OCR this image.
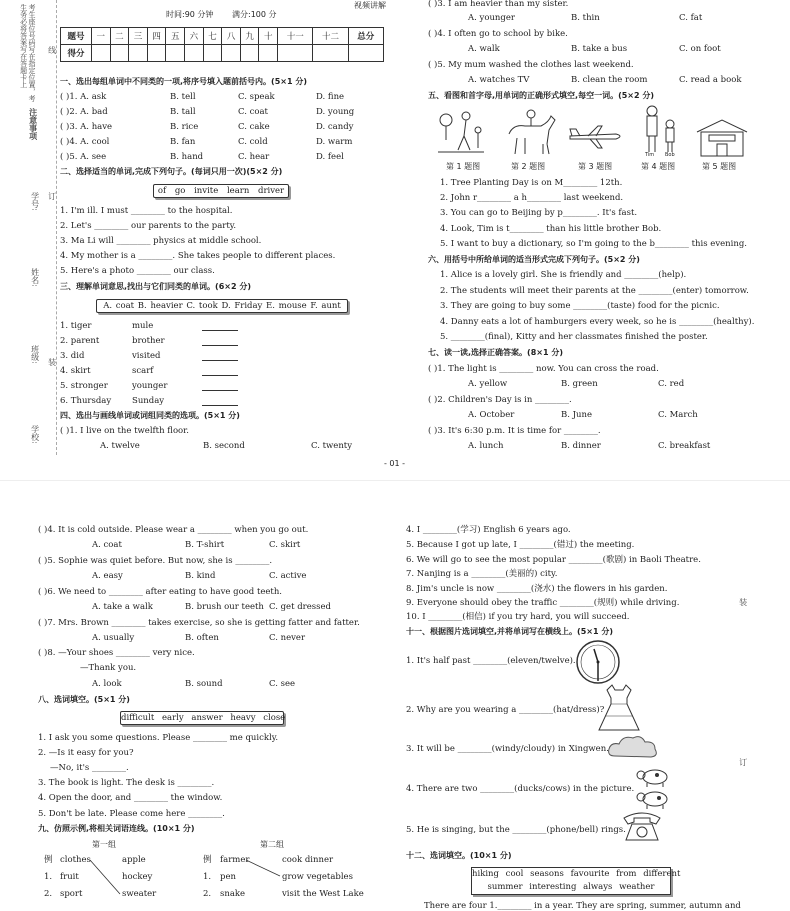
考生座位号码写在指定位置，考生务必将答案写在答题卡上
注意事项
学号:
姓名:
班级:
学校:
线
订
装
视频讲解
时间:90 分钟 满分:100 分
题号	一	二	三	四	五	六	七	八	九	十	十一	十二	总分
得分													
一、选出每组单词中不同类的一项,将序号填入题前括号内。(5×1 分)
( )1. A. ask	B. tell	C. speak	D. fine
( )2. A. bad	B. tall	C. coat	D. young
( )3. A. have	B. rice	C. cake	D. candy
( )4. A. cool	B. fan	C. cold	D. warm
( )5. A. see	B. hand	C. hear	D. feel
二、选择适当的单词,完成下列句子。(每词只用一次)(5×2 分)
of go invite learn driver
1. I'm ill. I must ________ to the hospital.
2. Let's ________ our parents to the party.
3. Ma Li will ________ physics at middle school.
4. My mother is a ________. She takes people to different places.
5. Here's a photo ________ our class.
三、理解单词意思,找出与它们同类的单词。(6×2 分)
A. coat B. heavier C. took D. Friday E. mouse F. aunt
1. tiger	mule
2. parent	brother
3. did	visited
4. skirt	scarf
5. stronger	younger
6. Thursday Sunday
四、选出与画线单词或词组同类的选项。(5×1 分)
( )1. I live on the twelfth floor.
A. twelve	B. second	C. twenty
( )3. I am heavier than my sister.
A. younger	B. thin	C. fat
( )4. I often go to school by bike.
A. walk	B. take a bus	C. on foot
( )5. My mum washed the clothes last weekend.
A. watches TV	B. clean the room	C. read a book
五、看图和首字母,用单词的正确形式填空,每空一词。(5×2 分)
Tim Bob
第 1 题图	第 2 题图	第 3 题图	第 4 题图	第 5 题图
1. Tree Planting Day is on M________ 12th.
2. John r________ a h________ last weekend.
3. You can go to Beijing by p________. It's fast.
4. Look, Tim is t________ than his little brother Bob.
5. I want to buy a dictionary, so I'm going to the b________ this evening.
六、用括号中所给单词的适当形式完成下列句子。(5×2 分)
1. Alice is a lovely girl. She is friendly and ________(help).
2. The students will meet their parents at the ________(enter) tomorrow.
3. They are going to buy some ________(taste) food for the picnic.
4. Danny eats a lot of hamburgers every week, so he is ________(healthy).
5. ________(final), Kitty and her classmates finished the poster.
七、读一读,选择正确答案。(8×1 分)
( )1. The light is ________ now. You can cross the road.
A. yellow	B. green	C. red
( )2. Children's Day is in ________.
A. October	B. June	C. March
( )3. It's 6:30 p.m. It is time for ________.
A. lunch	B. dinner	C. breakfast
- 01 -
( )4. It is cold outside. Please wear a ________ when you go out.
A. coat	B. T-shirt	C. skirt
( )5. Sophie was quiet before. But now, she is ________.
A. easy	B. kind	C. active
( )6. We need to ________ after eating to have good teeth.
A. take a walk	B. brush our teeth C. get dressed
( )7. Mrs. Brown ________ takes exercise, so she is getting fatter and fatter.
A. usually	B. often	C. never
( )8. —Your shoes ________ very nice.
—Thank you.
A. look	B. sound	C. see
八、选词填空。(5×1 分)
difficult early answer heavy close
1. I ask you some questions. Please ________ me quickly.
2. —Is it easy for you?
—No, it's ________.
3. The book is light. The desk is ________.
4. Open the door, and ________ the window.
5. Don't be late. Please come here ________.
九、仿照示例,将相关词语连线。(10×1 分)
第一组	第二组
例 clothes	apple	例 farmer	cook dinner
1. fruit	hockey	1. pen	grow vegetables
2. sport	sweater	2. snake	visit the West Lake
4. I ________(学习) English 6 years ago.
5. Because I got up late, I ________(错过) the meeting.
6. We will go to see the most popular ________(歌剧) in Baoli Theatre.
7. Nanjing is a ________(美丽的) city.
8. Jim's uncle is now ________(浇水) the flowers in his garden.
9. Everyone should obey the traffic ________(规则) while driving.
10. I ________(相信) if you try hard, you will succeed.
十一、根据图片选词填空,并将单词写在横线上。(5×1 分)
1. It's half past ________(eleven/twelve).
2. Why are you wearing a ________(hat/dress)?
3. It will be ________(windy/cloudy) in Xingwen.
4. There are two ________(ducks/cows) in the picture.
5. He is singing, but the ________(phone/bell) rings.
十二、选词填空。(10×1 分)
hiking cool seasons favourite from different
summer interesting always weather
There are four 1.________ in a year. They are spring, summer, autumn and
装
订
